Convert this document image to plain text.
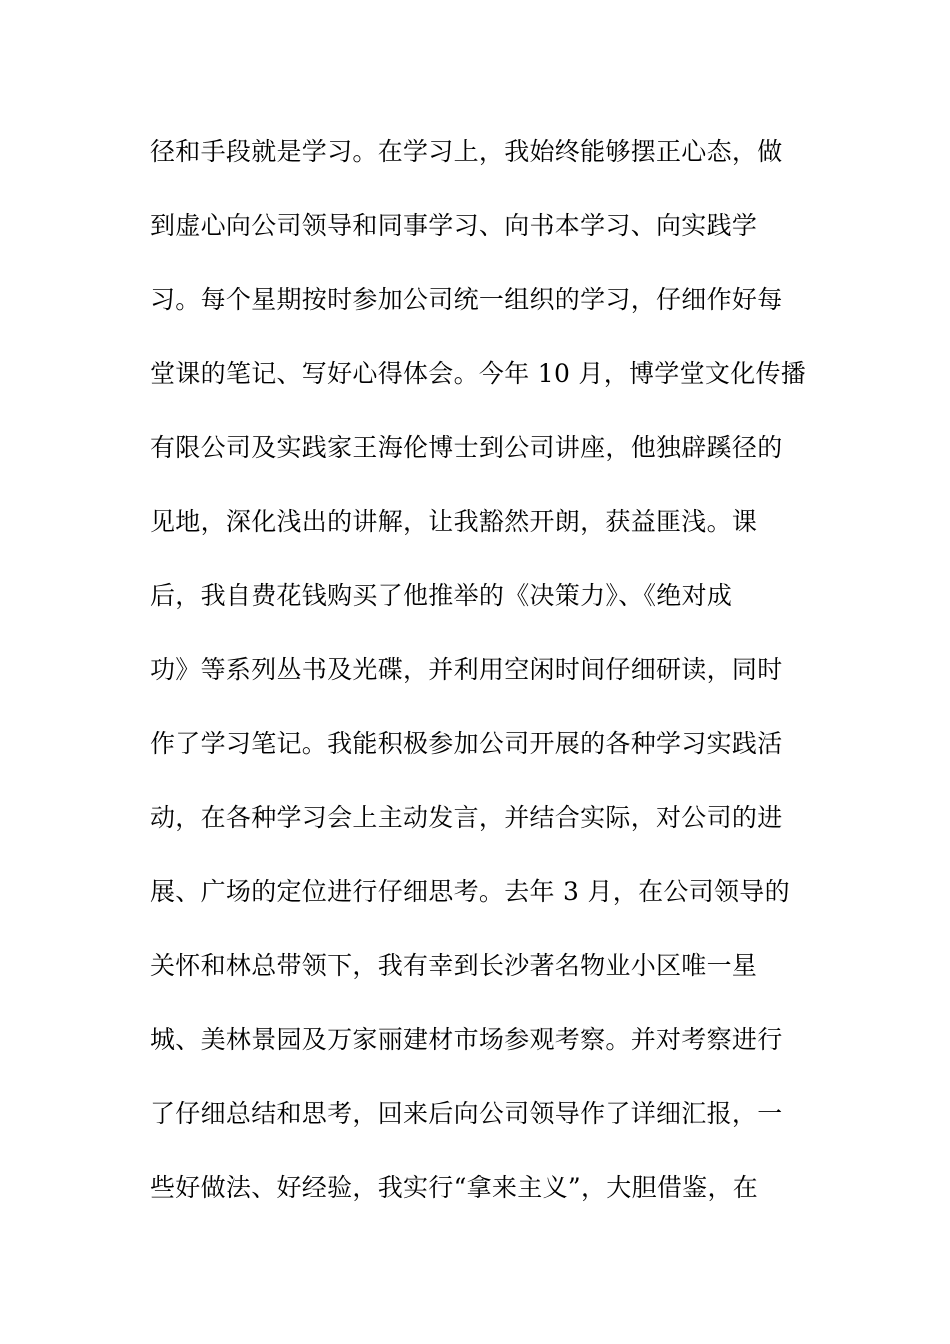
径和手段就是学习。在学习上，我始终能够摆正心态，做
到虚心向公司领导和同事学习、向书本学习、向实践学
习。每个星期按时参加公司统一组织的学习，仔细作好每
堂课的笔记、写好心得体会。今年 10 月，博学堂文化传播
有限公司及实践家王海伦博士到公司讲座，他独辟蹊径的
见地，深化浅出的讲解，让我豁然开朗，获益匪浅。课
后，我自费花钱购买了他推举的《决策力》、《绝对成
功》等系列丛书及光碟，并利用空闲时间仔细研读，同时
作了学习笔记。我能积极参加公司开展的各种学习实践活
动，在各种学习会上主动发言，并结合实际，对公司的进
展、广场的定位进行仔细思考。去年 3 月，在公司领导的
关怀和林总带领下，我有幸到长沙著名物业小区唯一星
城、美林景园及万家丽建材市场参观考察。并对考察进行
了仔细总结和思考，回来后向公司领导作了详细汇报，一
些好做法、好经验，我实行“拿来主义”，大胆借鉴，在
